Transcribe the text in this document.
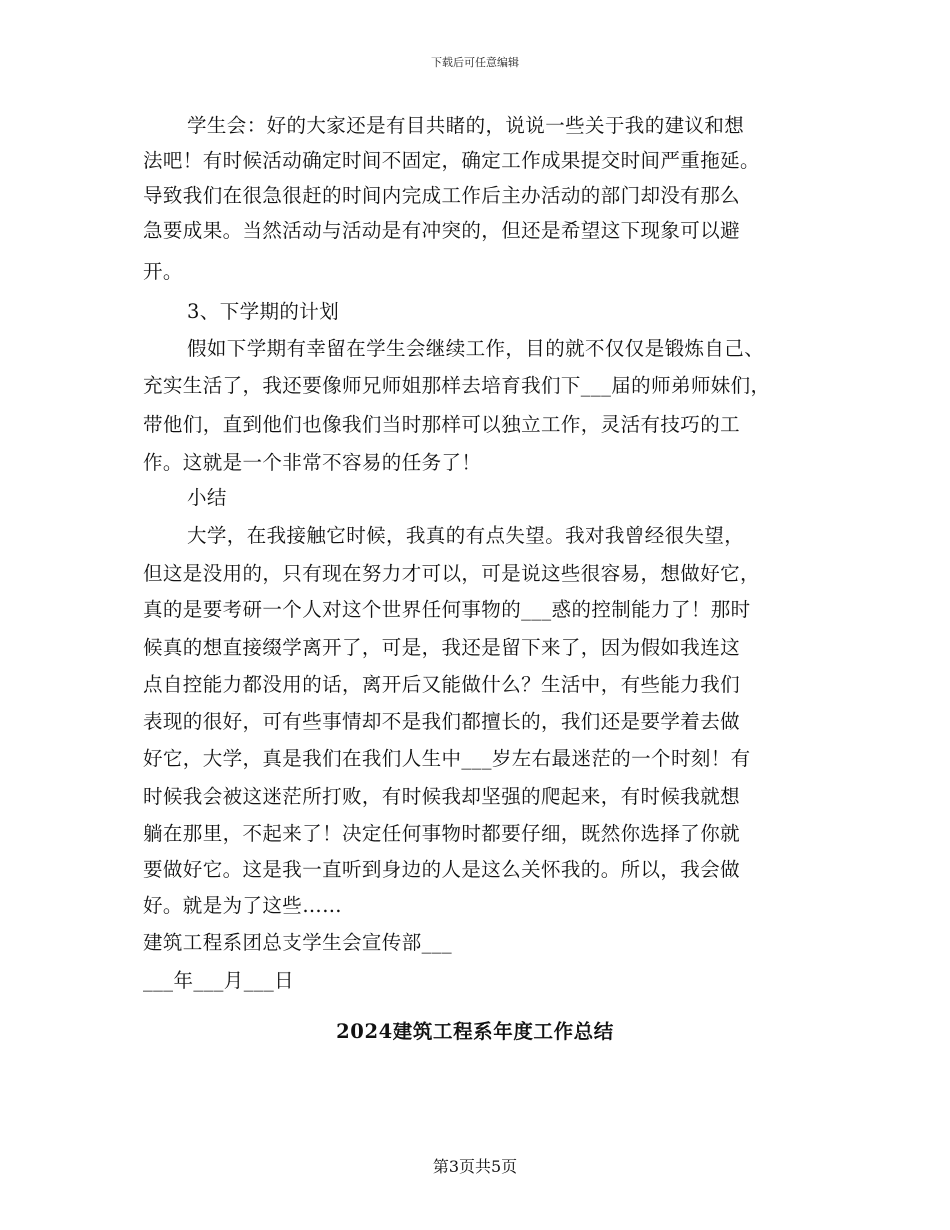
下载后可任意编辑
学生会：好的大家还是有目共睹的，说说一些关于我的建议和想
法吧！有时候活动确定时间不固定，确定工作成果提交时间严重拖延。
导致我们在很急很赶的时间内完成工作后主办活动的部门却没有那么
急要成果。当然活动与活动是有冲突的，但还是希望这下现象可以避
开。
3、下学期的计划
假如下学期有幸留在学生会继续工作，目的就不仅仅是锻炼自己、
充实生活了，我还要像师兄师姐那样去培育我们下___届的师弟师妹们，
带他们，直到他们也像我们当时那样可以独立工作，灵活有技巧的工
作。这就是一个非常不容易的任务了！
小结
大学，在我接触它时候，我真的有点失望。我对我曾经很失望，
但这是没用的，只有现在努力才可以，可是说这些很容易，想做好它，
真的是要考研一个人对这个世界任何事物的___惑的控制能力了！那时
候真的想直接缀学离开了，可是，我还是留下来了，因为假如我连这
点自控能力都没用的话，离开后又能做什么？生活中，有些能力我们
表现的很好，可有些事情却不是我们都擅长的，我们还是要学着去做
好它，大学，真是我们在我们人生中___岁左右最迷茫的一个时刻！有
时候我会被这迷茫所打败，有时候我却坚强的爬起来，有时候我就想
躺在那里，不起来了！决定任何事物时都要仔细，既然你选择了你就
要做好它。这是我一直听到身边的人是这么关怀我的。所以，我会做
好。就是为了这些……
建筑工程系团总支学生会宣传部___
___年___月___日
2024建筑工程系年度工作总结
第3页共5页
